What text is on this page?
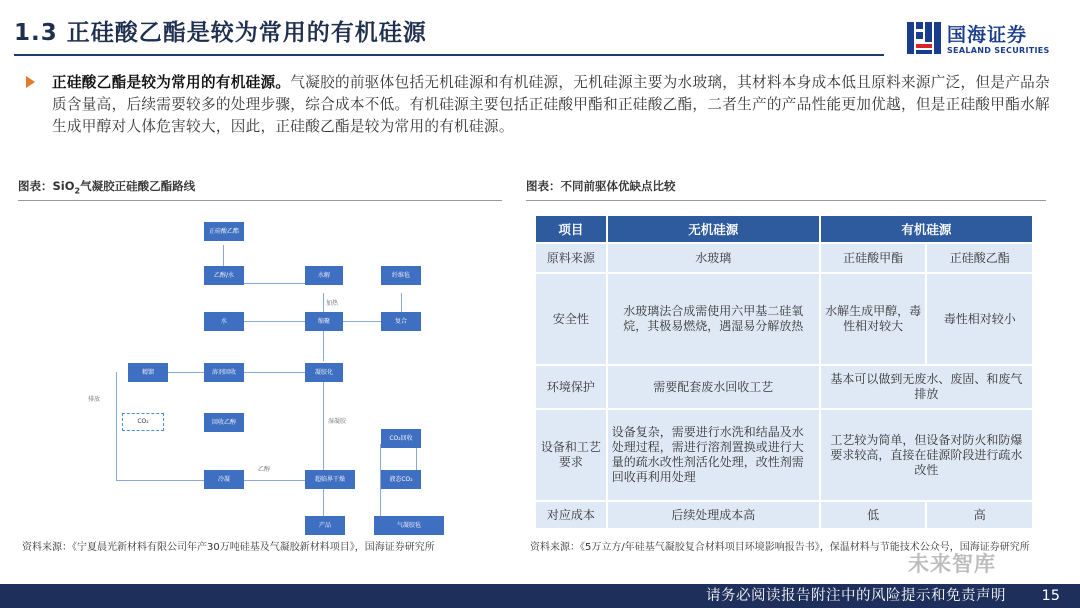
1.3 正硅酸乙酯是较为常用的有机硅源	国海证券
SEALAND SECURITIES
正硅酸乙酯是较为常用的有机硅源。气凝胶的前驱体包括无机硅源和有机硅源，无机硅源主要为水玻璃，其材料本身成本低且原料来源广泛，但是产品杂质含量高，后续需要较多的处理步骤，综合成本不低。有机硅源主要包括正硅酸甲酯和正硅酸乙酯，二者生产的产品性能更加优越，但是正硅酸甲酯水解生成甲醇对人体危害较大，因此，正硅酸乙酯是较为常用的有机硅源。
图表：SiO$_2$气凝胶正硅酸乙酯路线
正硅酸乙酯
乙醇/水	水解	纤维毡
水	缩聚	复合
精馏	溶剂回收	凝胶化
回收乙醇
CO₂回收
冷凝	超临界干燥	液态CO₂
产品	气凝胶毡
CO₂
排放
加热
湿凝胶
乙醇
资料来源：《宁夏晨光新材料有限公司年产30万吨硅基及气凝胶新材料项目》，国海证券研究所
图表：不同前驱体优缺点比较
项目	无机硅源	有机硅源	
原料来源	水玻璃	正硅酸甲酯	正硅酸乙酯
安全性	水玻璃法合成需使用六甲基二硅氧烷，其极易燃烧，遇湿易分解放热	水解生成甲醇，毒性相对较大	毒性相对较小
环境保护	需要配套废水回收工艺	基本可以做到无废水、废固、和废气排放	
设备和工艺要求	设备复杂，需要进行水洗和结晶及水处理过程，需进行溶剂置换或进行大量的疏水改性剂活化处理，改性剂需回收再利用处理	工艺较为简单，但设备对防火和防爆要求较高，直接在硅源阶段进行疏水改性	
对应成本	后续处理成本高	低	高
资料来源：《5万立方/年硅基气凝胶复合材料项目环境影响报告书》，保温材料与节能技术公众号，国海证券研究所
未来智库
请务必阅读报告附注中的风险提示和免责声明 15
